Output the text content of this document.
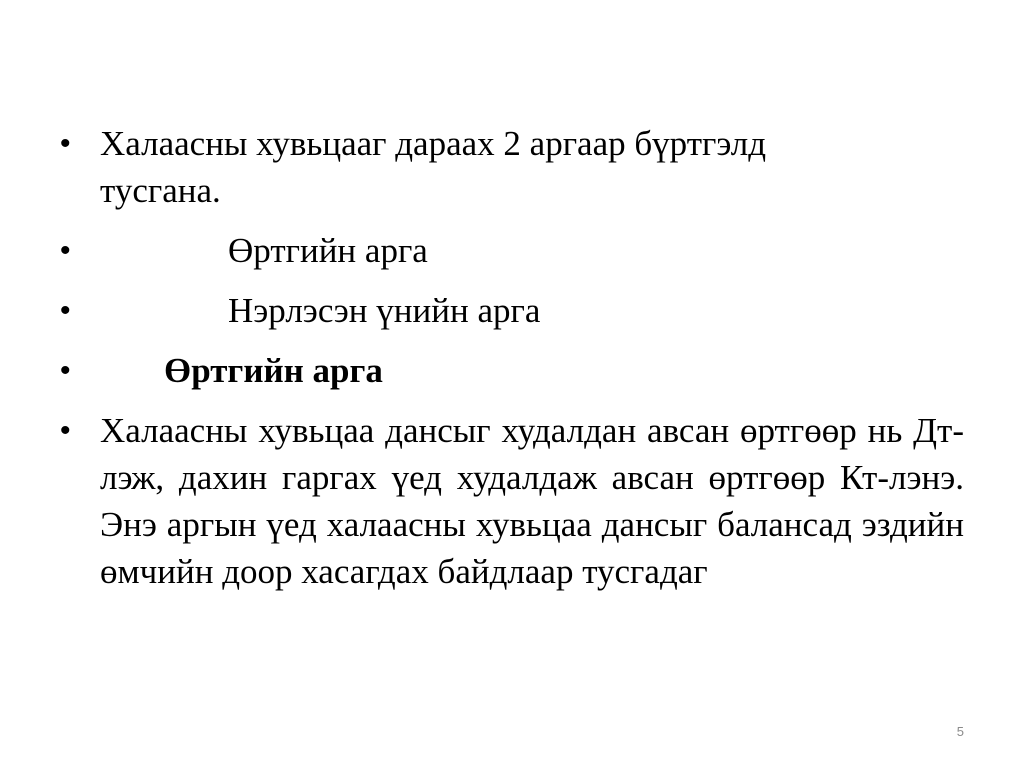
• Халаасны хувьцааг дараах 2 аргаар бүртгэлд тусгана.
•	Өртгийн арга
•	Нэрлэсэн үнийн арга
•	Өртгийн арга
• Халаасны хувьцаа дансыг худалдан авсан өртгөөр нь Дт-лэж, дахин гаргах үед худалдаж авсан өртгөөр Кт-лэнэ. Энэ аргын үед халаасны хувьцаа дансыг балансад эздийн өмчийн доор хасагдах байдлаар тусгадаг
5
